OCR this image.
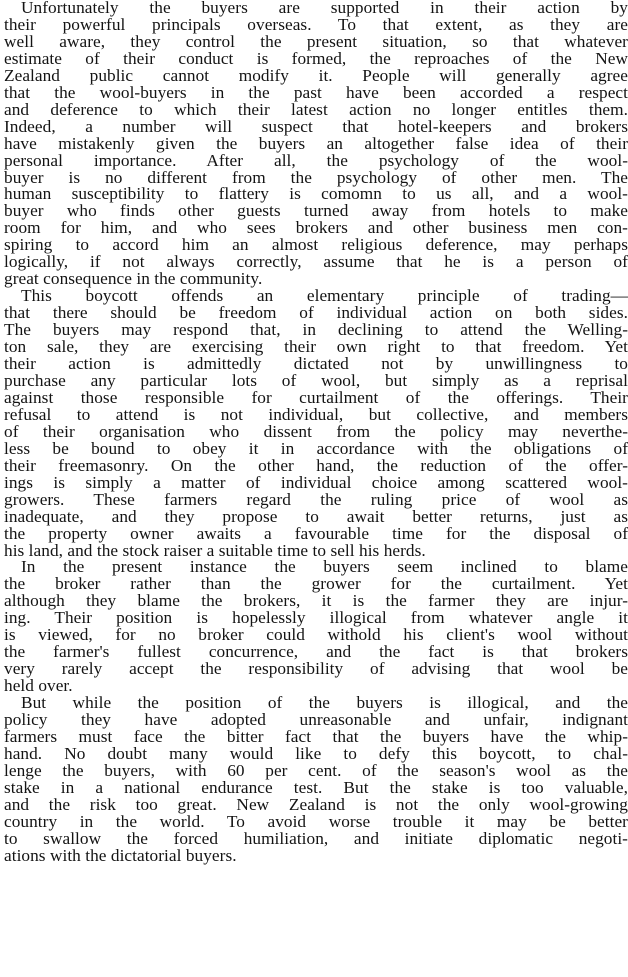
Unfortunately the buyers are supported in their action by
their powerful principals overseas. To that extent, as they are
well aware, they control the present situation, so that whatever
estimate of their conduct is formed, the reproaches of the New
Zealand public cannot modify it. People will generally agree
that the wool-buyers in the past have been accorded a respect
and deference to which their latest action no longer entitles them.
Indeed, a number will suspect that hotel-keepers and brokers
have mistakenly given the buyers an altogether false idea of their
personal importance. After all, the psychology of the wool-
buyer is no different from the psychology of other men. The
human susceptibility to flattery is comomn to us all, and a wool-
buyer who finds other guests turned away from hotels to make
room for him, and who sees brokers and other business men con-
spiring to accord him an almost religious deference, may perhaps
logically, if not always correctly, assume that he is a person of
great consequence in the community.

This boycott offends an elementary principle of trading—
that there should be freedom of individual action on both sides.
The buyers may respond that, in declining to attend the Welling-
ton sale, they are exercising their own right to that freedom. Yet
their action is admittedly dictated not by unwillingness to
purchase any particular lots of wool, but simply as a reprisal
against those responsible for curtailment of the offerings. Their
refusal to attend is not individual, but collective, and members
of their organisation who dissent from the policy may neverthe-
less be bound to obey it in accordance with the obligations of
their freemasonry. On the other hand, the reduction of the offer-
ings is simply a matter of individual choice among scattered wool-
growers. These farmers regard the ruling price of wool as
inadequate, and they propose to await better returns, just as
the property owner awaits a favourable time for the disposal of
his land, and the stock raiser a suitable time to sell his herds.

In the present instance the buyers seem inclined to blame
the broker rather than the grower for the curtailment. Yet
although they blame the brokers, it is the farmer they are injur-
ing. Their position is hopelessly illogical from whatever angle it
is viewed, for no broker could withold his client's wool without
the farmer's fullest concurrence, and the fact is that brokers
very rarely accept the responsibility of advising that wool be
held over.

But while the position of the buyers is illogical, and the
policy they have adopted unreasonable and unfair, indignant
farmers must face the bitter fact that the buyers have the whip-
hand. No doubt many would like to defy this boycott, to chal-
lenge the buyers, with 60 per cent. of the season's wool as the
stake in a national endurance test. But the stake is too valuable,
and the risk too great. New Zealand is not the only wool-growing
country in the world. To avoid worse trouble it may be better
to swallow the forced humiliation, and initiate diplomatic negoti-
ations with the dictatorial buyers.
